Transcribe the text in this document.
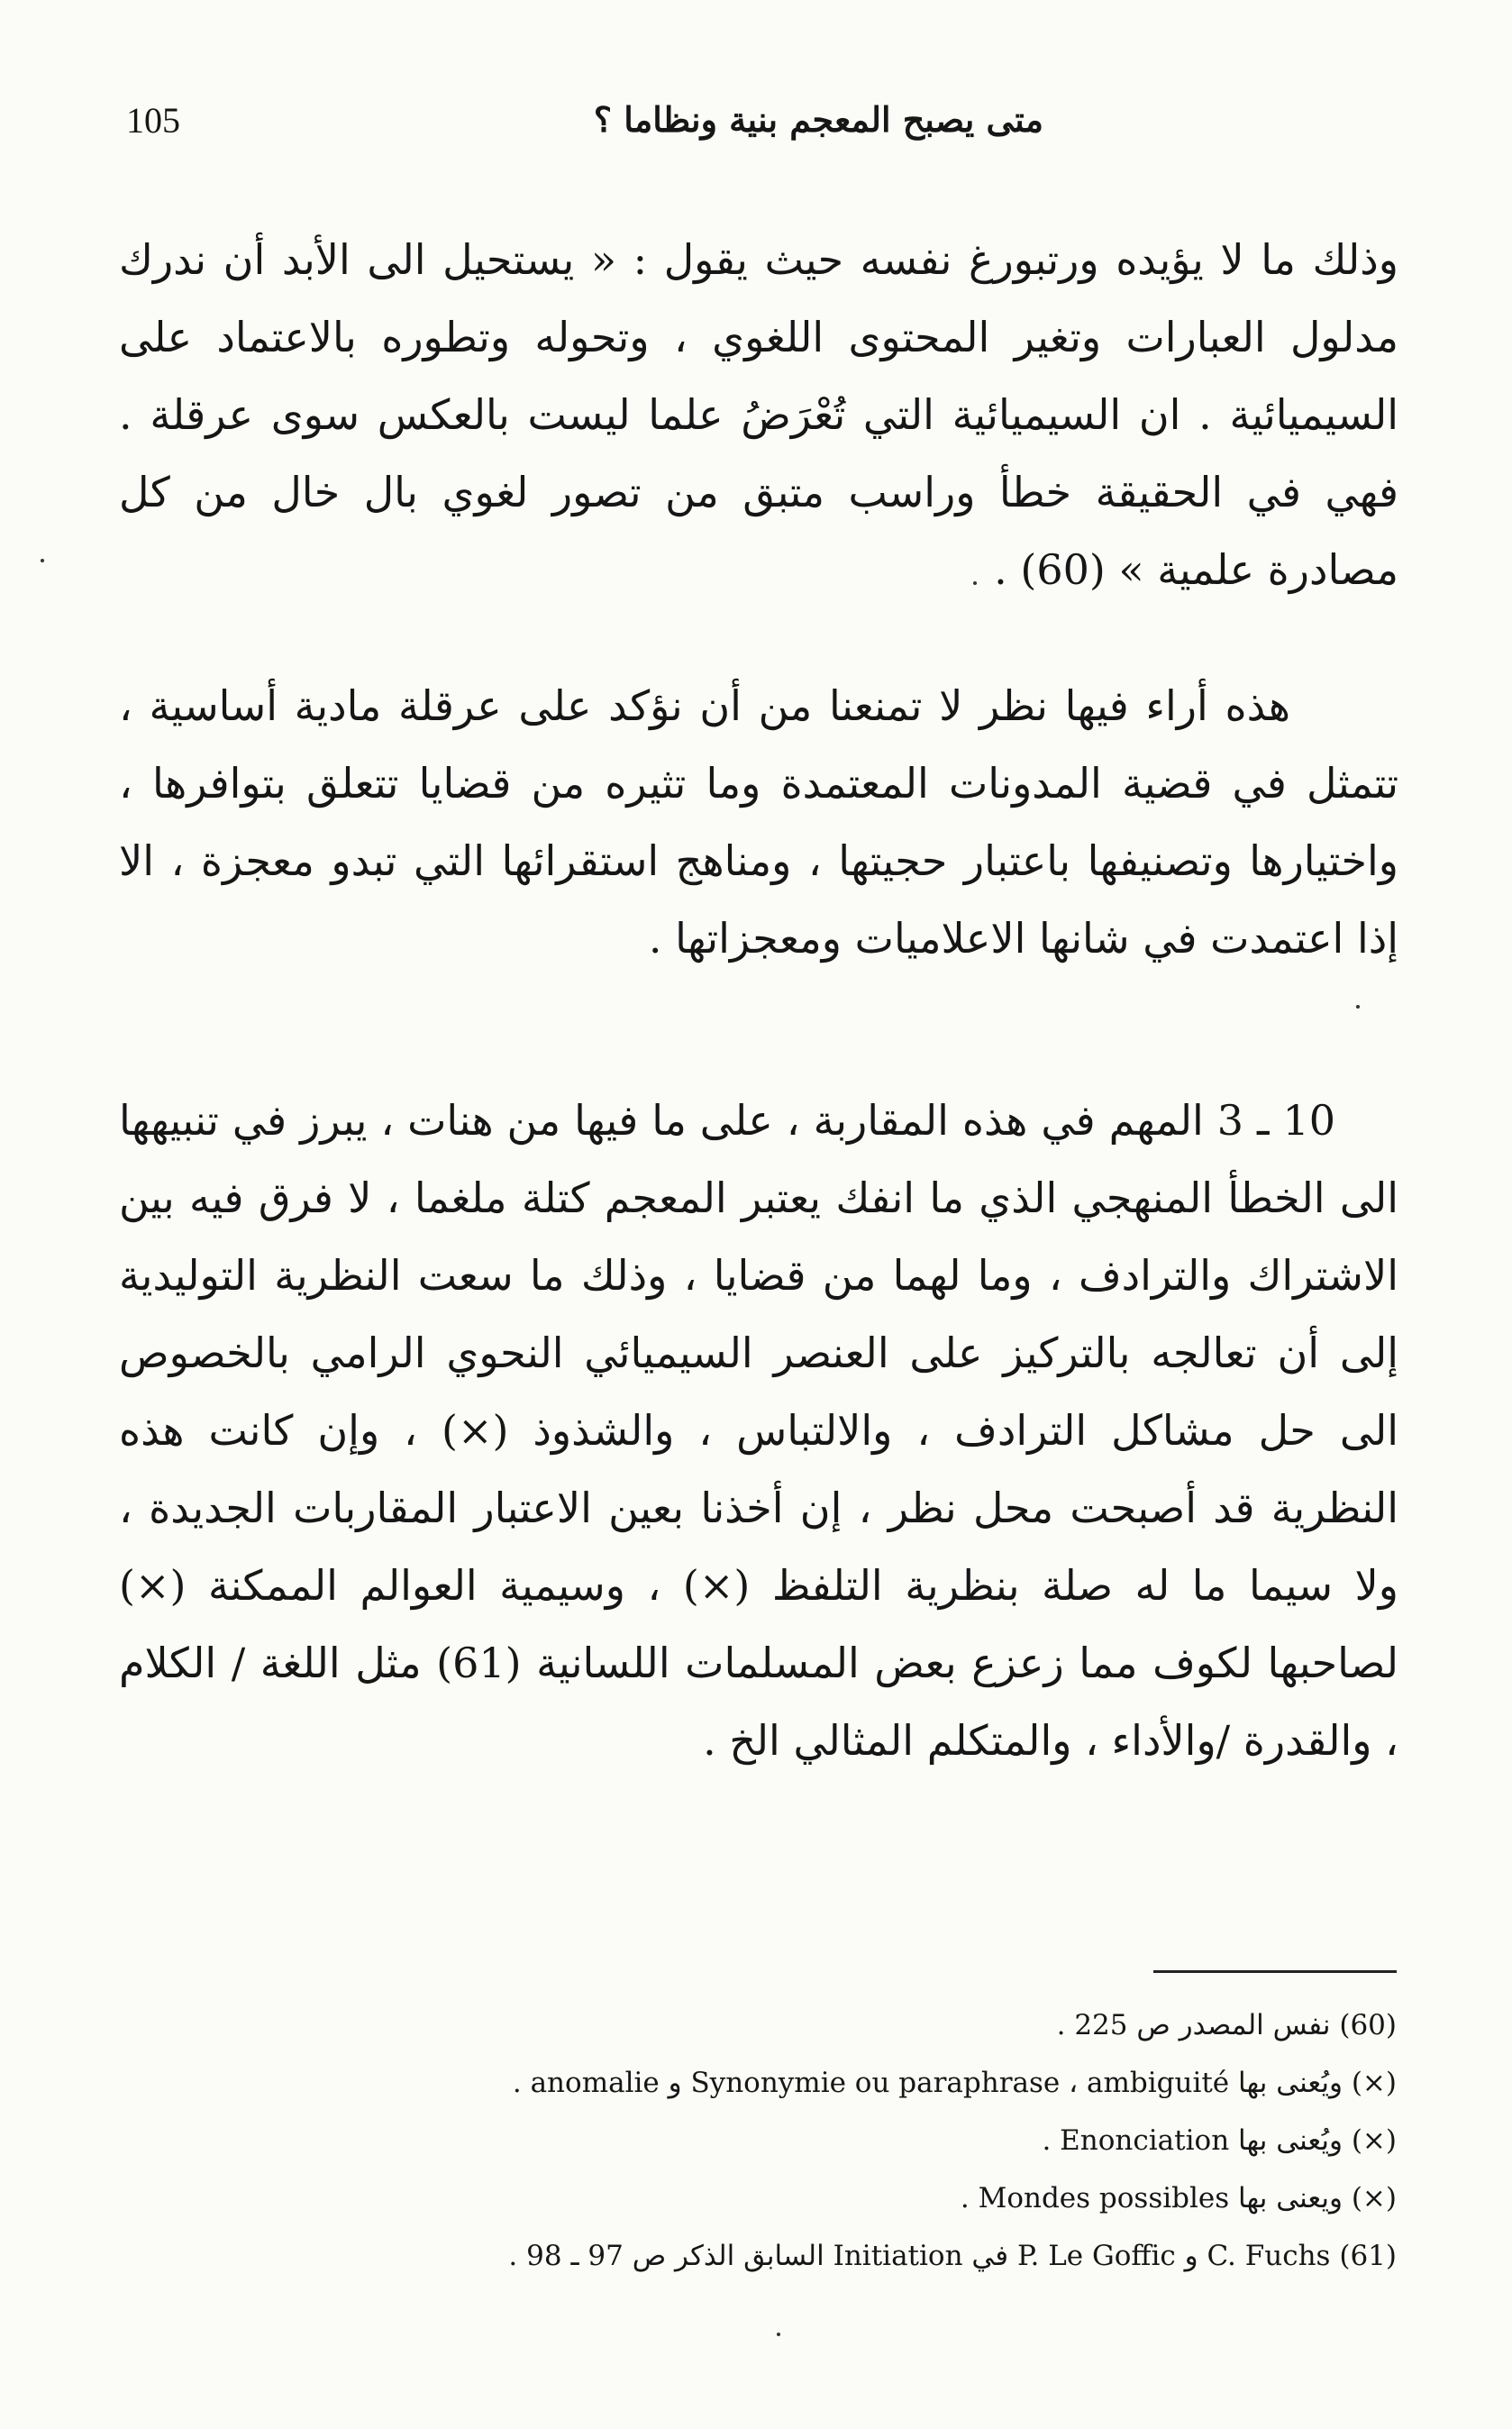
105	متى يصبح المعجم بنية ونظاما ؟

وذلك ما لا يؤيده ورتبورغ نفسه حيث يقول : « يستحيل الى الأبد أن ندرك مدلول العبارات وتغير المحتوى اللغوي ، وتحوله وتطوره بالاعتماد على السيميائية . ان السيميائية التي تُعْرَضُ علما ليست بالعكس سوى عرقلة . فهي في الحقيقة خطأ وراسب متبق من تصور لغوي بال خال من كل مصادرة علمية » (60) .

هذه أراء فيها نظر لا تمنعنا من أن نؤكد على عرقلة مادية أساسية ، تتمثل في قضية المدونات المعتمدة وما تثيره من قضايا تتعلق بتوافرها ، واختيارها وتصنيفها باعتبار حجيتها ، ومناهج استقرائها التي تبدو معجزة ، الا إذا اعتمدت في شانها الاعلاميات ومعجزاتها .

10 ـ 3 المهم في هذه المقاربة ، على ما فيها من هنات ، يبرز في تنبيهها الى الخطأ المنهجي الذي ما انفك يعتبر المعجم كتلة ملغما ، لا فرق فيه بين الاشتراك والترادف ، وما لهما من قضايا ، وذلك ما سعت النظرية التوليدية إلى أن تعالجه بالتركيز على العنصر السيميائي النحوي الرامي بالخصوص الى حل مشاكل الترادف ، والالتباس ، والشذوذ (×) ، وإن كانت هذه النظرية قد أصبحت محل نظر ، إن أخذنا بعين الاعتبار المقاربات الجديدة ، ولا سيما ما له صلة بنظرية التلفظ (×) ، وسيمية العوالم الممكنة (×) لصاحبها لكوف مما زعزع بعض المسلمات اللسانية (61) مثل اللغة / الكلام ، والقدرة /والأداء ، والمتكلم المثالي الخ .

(60) نفس المصدر ص 225 .
(×) ويُعنى بها Synonymie ou paraphrase ، ambiguité و anomalie .
(×) ويُعنى بها Enonciation .
(×) ويعنى بها Mondes possibles .
(61) C. Fuchs و P. Le Goffic في Initiation السابق الذكر ص 97 ـ 98 .
